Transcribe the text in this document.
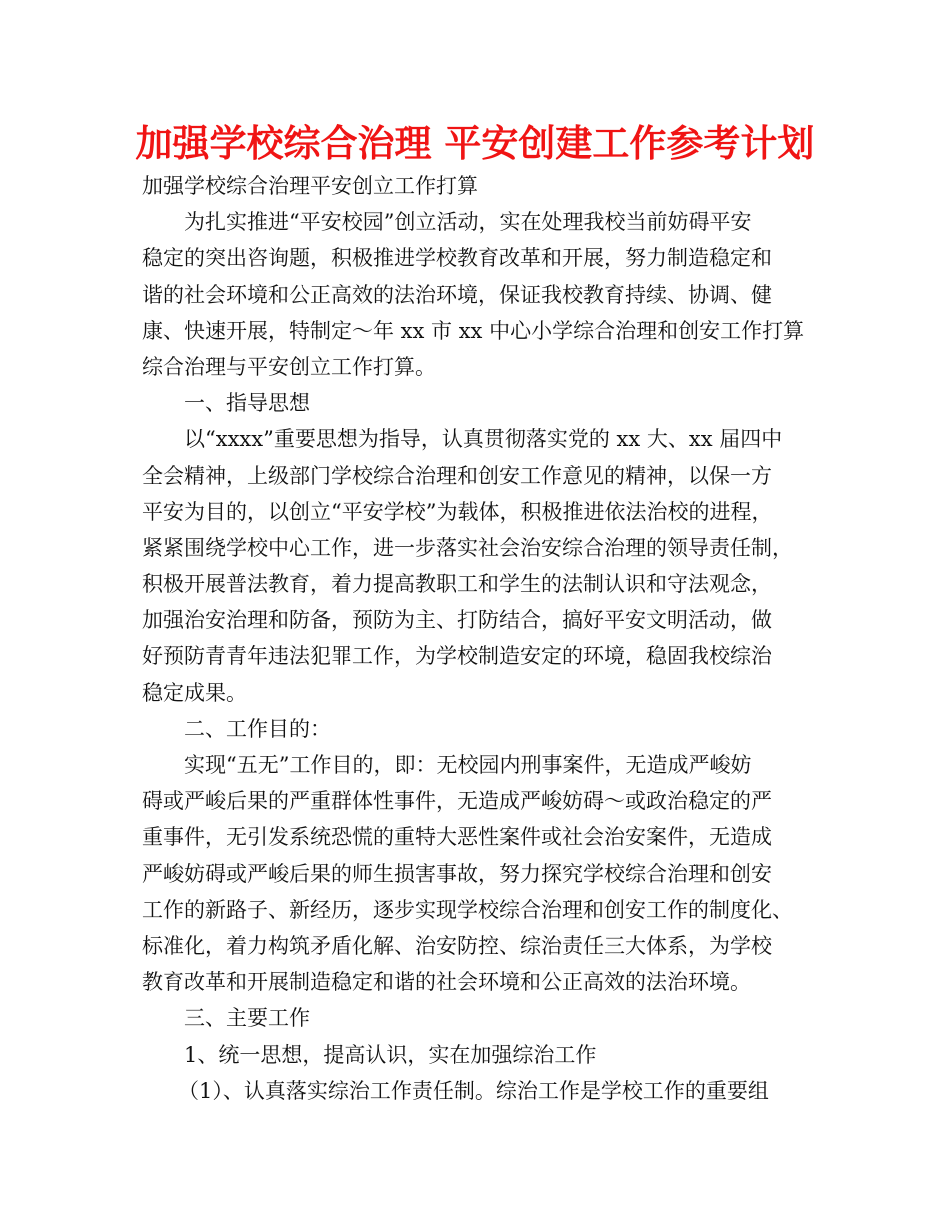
加强学校综合治理 平安创建工作参考计划
加强学校综合治理平安创立工作打算
为扎实推进“平安校园”创立活动，实在处理我校当前妨碍平安
稳定的突出咨询题，积极推进学校教育改革和开展，努力制造稳定和
谐的社会环境和公正高效的法治环境，保证我校教育持续、协调、健
康、快速开展，特制定～年 xx 市 xx 中心小学综合治理和创安工作打算
综合治理与平安创立工作打算。
一、指导思想
以“xxxx”重要思想为指导，认真贯彻落实党的 xx 大、xx 届四中
全会精神，上级部门学校综合治理和创安工作意见的精神，以保一方
平安为目的，以创立“平安学校”为载体，积极推进依法治校的进程，
紧紧围绕学校中心工作，进一步落实社会治安综合治理的领导责任制，
积极开展普法教育，着力提高教职工和学生的法制认识和守法观念，
加强治安治理和防备，预防为主、打防结合，搞好平安文明活动，做
好预防青青年违法犯罪工作，为学校制造安定的环境，稳固我校综治
稳定成果。
二、工作目的：
实现“五无”工作目的，即：无校园内刑事案件，无造成严峻妨
碍或严峻后果的严重群体性事件，无造成严峻妨碍～或政治稳定的严
重事件，无引发系统恐慌的重特大恶性案件或社会治安案件，无造成
严峻妨碍或严峻后果的师生损害事故，努力探究学校综合治理和创安
工作的新路子、新经历，逐步实现学校综合治理和创安工作的制度化、
标准化，着力构筑矛盾化解、治安防控、综治责任三大体系，为学校
教育改革和开展制造稳定和谐的社会环境和公正高效的法治环境。
三、主要工作
1、统一思想，提高认识，实在加强综治工作
（1）、认真落实综治工作责任制。综治工作是学校工作的重要组
